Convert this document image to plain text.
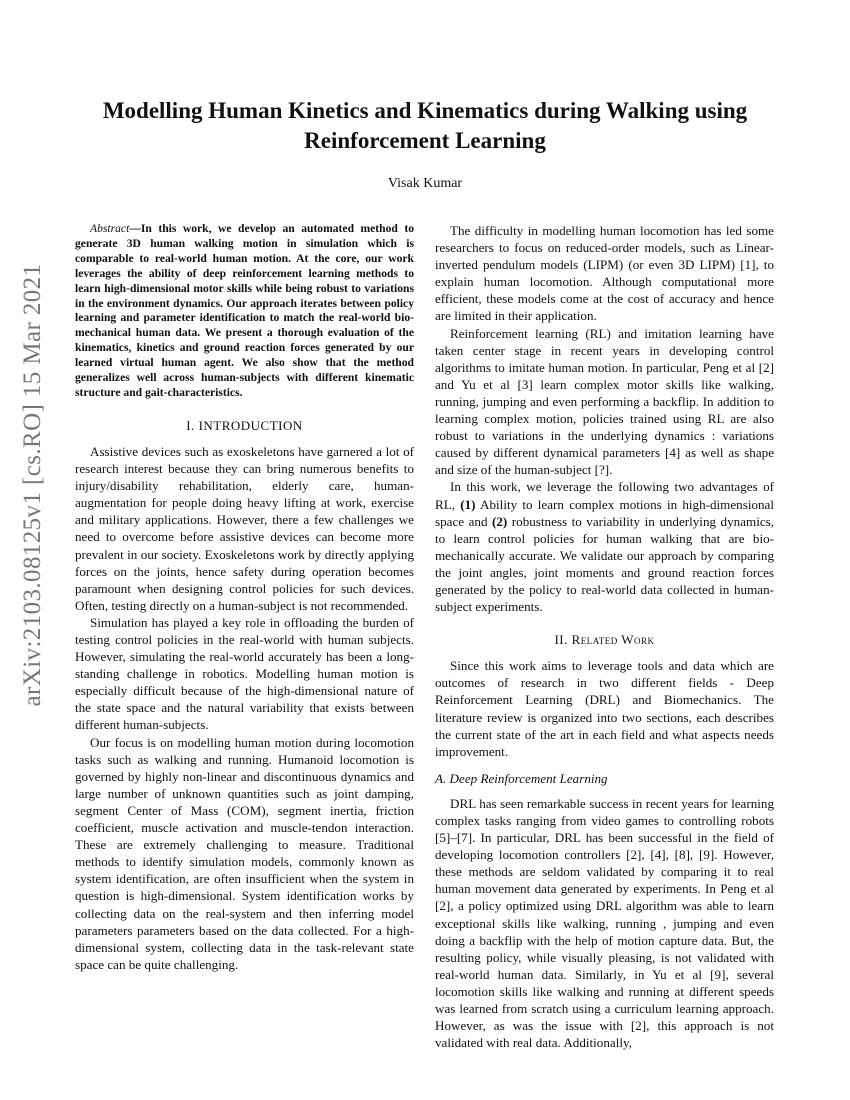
arXiv:2103.08125v1 [cs.RO] 15 Mar 2021
Modelling Human Kinetics and Kinematics during Walking using Reinforcement Learning
Visak Kumar

Abstract—In this work, we develop an automated method to generate 3D human walking motion in simulation which is comparable to real-world human motion. At the core, our work leverages the ability of deep reinforcement learning methods to learn high-dimensional motor skills while being robust to variations in the environment dynamics. Our approach iterates between policy learning and parameter identification to match the real-world bio-mechanical human data. We present a thorough evaluation of the kinematics, kinetics and ground reaction forces generated by our learned virtual human agent. We also show that the method generalizes well across human-subjects with different kinematic structure and gait-characteristics.

I. INTRODUCTION

Assistive devices such as exoskeletons have garnered a lot of research interest because they can bring numerous benefits to injury/disability rehabilitation, elderly care, human-augmentation for people doing heavy lifting at work, exercise and military applications. However, there a few challenges we need to overcome before assistive devices can become more prevalent in our society. Exoskeletons work by directly applying forces on the joints, hence safety during operation becomes paramount when designing control policies for such devices. Often, testing directly on a human-subject is not recommended.

Simulation has played a key role in offloading the burden of testing control policies in the real-world with human subjects. However, simulating the real-world accurately has been a long-standing challenge in robotics. Modelling human motion is especially difficult because of the high-dimensional nature of the state space and the natural variability that exists between different human-subjects.

Our focus is on modelling human motion during locomotion tasks such as walking and running. Humanoid locomotion is governed by highly non-linear and discontinuous dynamics and large number of unknown quantities such as joint damping, segment Center of Mass (COM), segment inertia, friction coefficient, muscle activation and muscle-tendon interaction. These are extremely challenging to measure. Traditional methods to identify simulation models, commonly known as system identification, are often insufficient when the system in question is high-dimensional. System identification works by collecting data on the real-system and then inferring model parameters parameters based on the data collected. For a high-dimensional system, collecting data in the task-relevant state space can be quite challenging.

The difficulty in modelling human locomotion has led some researchers to focus on reduced-order models, such as Linear-inverted pendulum models (LIPM) (or even 3D LIPM) [1], to explain human locomotion. Although computational more efficient, these models come at the cost of accuracy and hence are limited in their application.

Reinforcement learning (RL) and imitation learning have taken center stage in recent years in developing control algorithms to imitate human motion. In particular, Peng et al [2] and Yu et al [3] learn complex motor skills like walking, running, jumping and even performing a backflip. In addition to learning complex motion, policies trained using RL are also robust to variations in the underlying dynamics : variations caused by different dynamical parameters [4] as well as shape and size of the human-subject [?].

In this work, we leverage the following two advantages of RL, (1) Ability to learn complex motions in high-dimensional space and (2) robustness to variability in underlying dynamics, to learn control policies for human walking that are bio-mechanically accurate. We validate our approach by comparing the joint angles, joint moments and ground reaction forces generated by the policy to real-world data collected in human-subject experiments.

II. Related Work

Since this work aims to leverage tools and data which are outcomes of research in two different fields - Deep Reinforcement Learning (DRL) and Biomechanics. The literature review is organized into two sections, each describes the current state of the art in each field and what aspects needs improvement.

A. Deep Reinforcement Learning

DRL has seen remarkable success in recent years for learning complex tasks ranging from video games to controlling robots [5]–[7]. In particular, DRL has been successful in the field of developing locomotion controllers [2], [4], [8], [9]. However, these methods are seldom validated by comparing it to real human movement data generated by experiments. In Peng et al [2], a policy optimized using DRL algorithm was able to learn exceptional skills like walking, running , jumping and even doing a backflip with the help of motion capture data. But, the resulting policy, while visually pleasing, is not validated with real-world human data. Similarly, in Yu et al [9], several locomotion skills like walking and running at different speeds was learned from scratch using a curriculum learning approach. However, as was the issue with [2], this approach is not validated with real data. Additionally,
